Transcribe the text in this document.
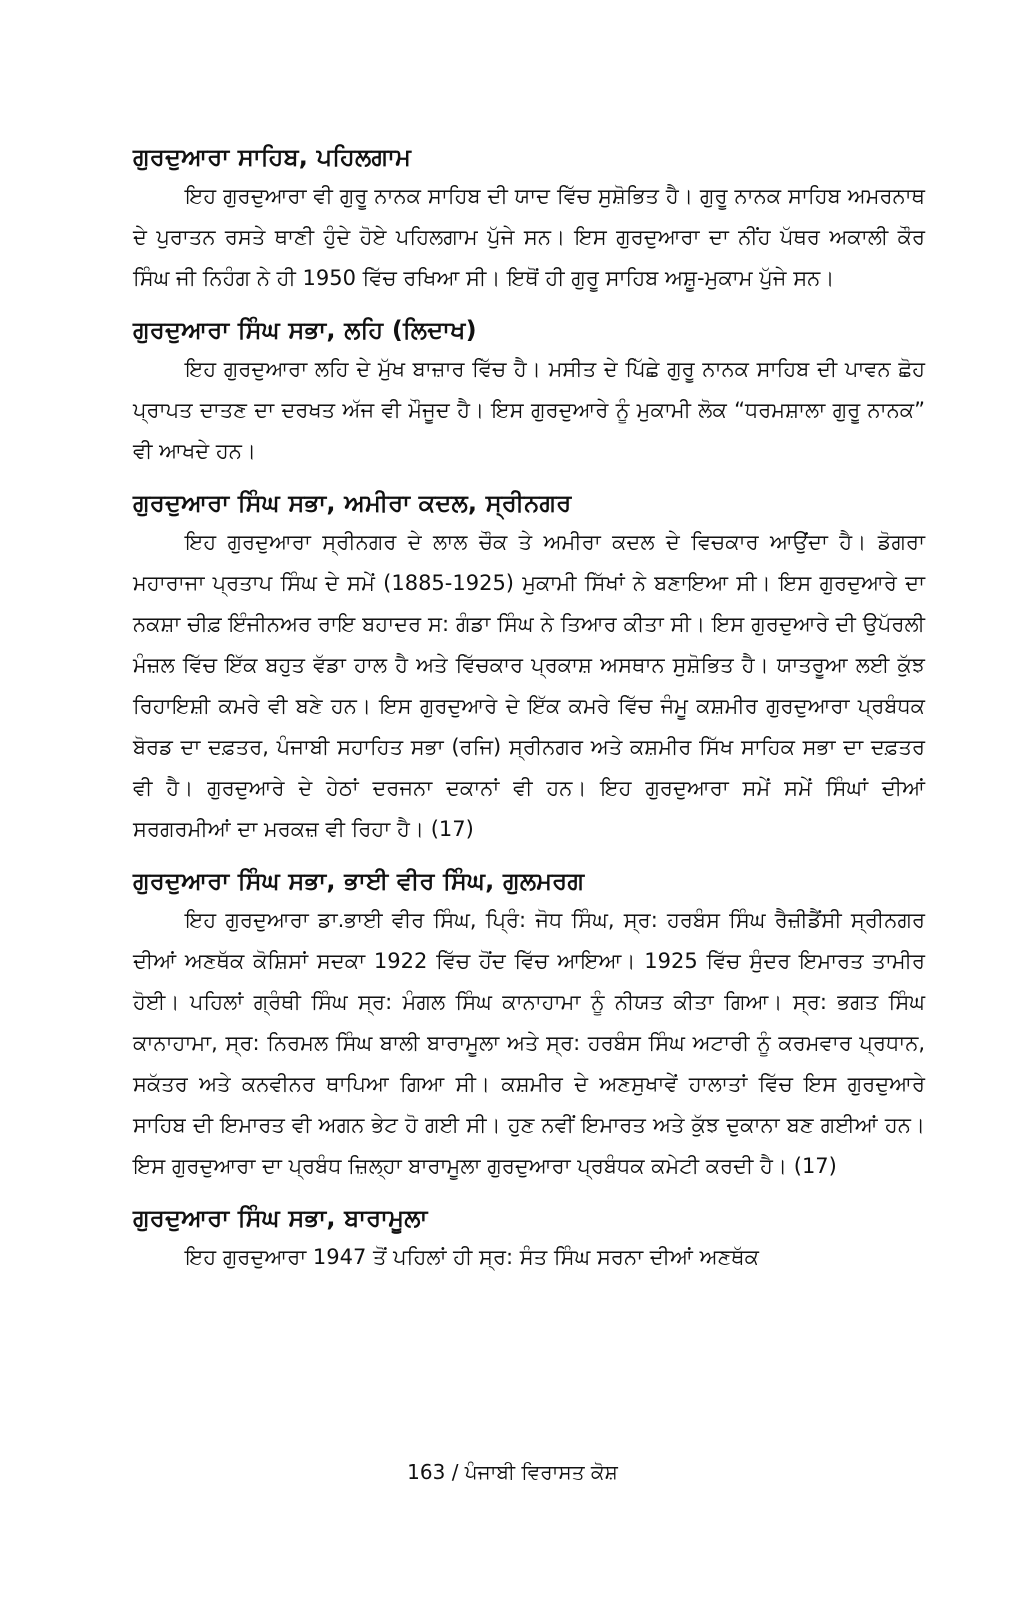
ਗੁਰਦੁਆਰਾ ਸਾਹਿਬ, ਪਹਿਲਗਾਮ

ਇਹ ਗੁਰਦੁਆਰਾ ਵੀ ਗੁਰੂ ਨਾਨਕ ਸਾਹਿਬ ਦੀ ਯਾਦ ਵਿੱਚ ਸੁਸ਼ੋਭਿਤ ਹੈ। ਗੁਰੂ ਨਾਨਕ ਸਾਹਿਬ ਅਮਰਨਾਥ ਦੇ ਪੁਰਾਤਨ ਰਸਤੇ ਥਾਣੀ ਹੁੰਦੇ ਹੋਏ ਪਹਿਲਗਾਮ ਪੁੱਜੇ ਸਨ। ਇਸ ਗੁਰਦੁਆਰਾ ਦਾ ਨੀਂਹ ਪੱਥਰ ਅਕਾਲੀ ਕੌਰ ਸਿੰਘ ਜੀ ਨਿਹੰਗ ਨੇ ਹੀ 1950 ਵਿੱਚ ਰਖਿਆ ਸੀ। ਇਥੋਂ ਹੀ ਗੁਰੂ ਸਾਹਿਬ ਅਸ਼ੂ-ਮੁਕਾਮ ਪੁੱਜੇ ਸਨ।

ਗੁਰਦੁਆਰਾ ਸਿੰਘ ਸਭਾ, ਲਹਿ (ਲਿਦਾਖ)

ਇਹ ਗੁਰਦੁਆਰਾ ਲਹਿ ਦੇ ਮੁੱਖ ਬਾਜ਼ਾਰ ਵਿੱਚ ਹੈ। ਮਸੀਤ ਦੇ ਪਿੱਛੇ ਗੁਰੂ ਨਾਨਕ ਸਾਹਿਬ ਦੀ ਪਾਵਨ ਛੋਹ ਪ੍ਰਾਪਤ ਦਾਤਣ ਦਾ ਦਰਖਤ ਅੱਜ ਵੀ ਮੌਜੂਦ ਹੈ। ਇਸ ਗੁਰਦੁਆਰੇ ਨੂੰ ਮੁਕਾਮੀ ਲੋਕ “ਧਰਮਸ਼ਾਲਾ ਗੁਰੂ ਨਾਨਕ” ਵੀ ਆਖਦੇ ਹਨ।

ਗੁਰਦੁਆਰਾ ਸਿੰਘ ਸਭਾ, ਅਮੀਰਾ ਕਦਲ, ਸ੍ਰੀਨਗਰ

ਇਹ ਗੁਰਦੁਆਰਾ ਸ੍ਰੀਨਗਰ ਦੇ ਲਾਲ ਚੌਕ ਤੇ ਅਮੀਰਾ ਕਦਲ ਦੇ ਵਿਚਕਾਰ ਆਉਂਦਾ ਹੈ। ਡੋਗਰਾ ਮਹਾਰਾਜਾ ਪ੍ਰਤਾਪ ਸਿੰਘ ਦੇ ਸਮੇਂ (1885-1925) ਮੁਕਾਮੀ ਸਿੱਖਾਂ ਨੇ ਬਣਾਇਆ ਸੀ। ਇਸ ਗੁਰਦੁਆਰੇ ਦਾ ਨਕਸ਼ਾ ਚੀਫ਼ ਇੰਜੀਨਅਰ ਰਾਇ ਬਹਾਦਰ ਸ: ਗੰਡਾ ਸਿੰਘ ਨੇ ਤਿਆਰ ਕੀਤਾ ਸੀ। ਇਸ ਗੁਰਦੁਆਰੇ ਦੀ ਉਪੱਰਲੀ ਮੰਜ਼ਲ ਵਿੱਚ ਇੱਕ ਬਹੁਤ ਵੱਡਾ ਹਾਲ ਹੈ ਅਤੇ ਵਿੱਚਕਾਰ ਪ੍ਰਕਾਸ਼ ਅਸਥਾਨ ਸੁਸ਼ੋਭਿਤ ਹੈ। ਯਾਤਰੂਆ ਲਈ ਕੁੱਝ ਰਿਹਾਇਸ਼ੀ ਕਮਰੇ ਵੀ ਬਣੇ ਹਨ। ਇਸ ਗੁਰਦੁਆਰੇ ਦੇ ਇੱਕ ਕਮਰੇ ਵਿੱਚ ਜੰਮੂ ਕਸ਼ਮੀਰ ਗੁਰਦੁਆਰਾ ਪ੍ਰਬੰਧਕ ਬੋਰਡ ਦਾ ਦਫ਼ਤਰ, ਪੰਜਾਬੀ ਸਹਾਹਿਤ ਸਭਾ (ਰਜਿ) ਸ੍ਰੀਨਗਰ ਅਤੇ ਕਸ਼ਮੀਰ ਸਿੱਖ ਸਾਹਿਕ ਸਭਾ ਦਾ ਦਫ਼ਤਰ ਵੀ ਹੈ। ਗੁਰਦੁਆਰੇ ਦੇ ਹੇਠਾਂ ਦਰਜਨਾ ਦਕਾਨਾਂ ਵੀ ਹਨ। ਇਹ ਗੁਰਦੁਆਰਾ ਸਮੇਂ ਸਮੇਂ ਸਿੰਘਾਂ ਦੀਆਂ ਸਰਗਰਮੀਆਂ ਦਾ ਮਰਕਜ਼ ਵੀ ਰਿਹਾ ਹੈ। (17)

ਗੁਰਦੁਆਰਾ ਸਿੰਘ ਸਭਾ, ਭਾਈ ਵੀਰ ਸਿੰਘ, ਗੁਲਮਰਗ

ਇਹ ਗੁਰਦੁਆਰਾ ਡਾ.ਭਾਈ ਵੀਰ ਸਿੰਘ, ਪ੍ਰਿੰ: ਜੋਧ ਸਿੰਘ, ਸ੍ਰ: ਹਰਬੰਸ ਸਿੰਘ ਰੈਜ਼ੀਡੈਂਸੀ ਸ੍ਰੀਨਗਰ ਦੀਆਂ ਅਣਥੱਕ ਕੋਸ਼ਿਸਾਂ ਸਦਕਾ 1922 ਵਿੱਚ ਹੋਂਦ ਵਿੱਚ ਆਇਆ। 1925 ਵਿੱਚ ਸੁੰਦਰ ਇਮਾਰਤ ਤਾਮੀਰ ਹੋਈ। ਪਹਿਲਾਂ ਗ੍ਰੰਥੀ ਸਿੰਘ ਸ੍ਰ: ਮੰਗਲ ਸਿੰਘ ਕਾਨਾਹਾਮਾ ਨੂੰ ਨੀਯਤ ਕੀਤਾ ਗਿਆ। ਸ੍ਰ: ਭਗਤ ਸਿੰਘ ਕਾਨਾਹਾਮਾ, ਸ੍ਰ: ਨਿਰਮਲ ਸਿੰਘ ਬਾਲੀ ਬਾਰਾਮੂਲਾ ਅਤੇ ਸ੍ਰ: ਹਰਬੰਸ ਸਿੰਘ ਅਟਾਰੀ ਨੂੰ ਕਰਮਵਾਰ ਪ੍ਰਧਾਨ, ਸਕੱਤਰ ਅਤੇ ਕਨਵੀਨਰ ਥਾਪਿਆ ਗਿਆ ਸੀ। ਕਸ਼ਮੀਰ ਦੇ ਅਣਸੁਖਾਵੇਂ ਹਾਲਾਤਾਂ ਵਿੱਚ ਇਸ ਗੁਰਦੁਆਰੇ ਸਾਹਿਬ ਦੀ ਇਮਾਰਤ ਵੀ ਅਗਨ ਭੇਟ ਹੋ ਗਈ ਸੀ। ਹੁਣ ਨਵੀਂ ਇਮਾਰਤ ਅਤੇ ਕੁੱਝ ਦੁਕਾਨਾ ਬਣ ਗਈਆਂ ਹਨ। ਇਸ ਗੁਰਦੁਆਰਾ ਦਾ ਪ੍ਰਬੰਧ ਜ਼ਿਲ੍ਹਾ ਬਾਰਾਮੂਲਾ ਗੁਰਦੁਆਰਾ ਪ੍ਰਬੰਧਕ ਕਮੇਟੀ ਕਰਦੀ ਹੈ। (17)

ਗੁਰਦੁਆਰਾ ਸਿੰਘ ਸਭਾ, ਬਾਰਾਮੂਲਾ

ਇਹ ਗੁਰਦੁਆਰਾ 1947 ਤੋਂ ਪਹਿਲਾਂ ਹੀ ਸ੍ਰ: ਸੰਤ ਸਿੰਘ ਸਰਨਾ ਦੀਆਂ ਅਣਥੱਕ

163 / ਪੰਜਾਬੀ ਵਿਰਾਸਤ ਕੋਸ਼
